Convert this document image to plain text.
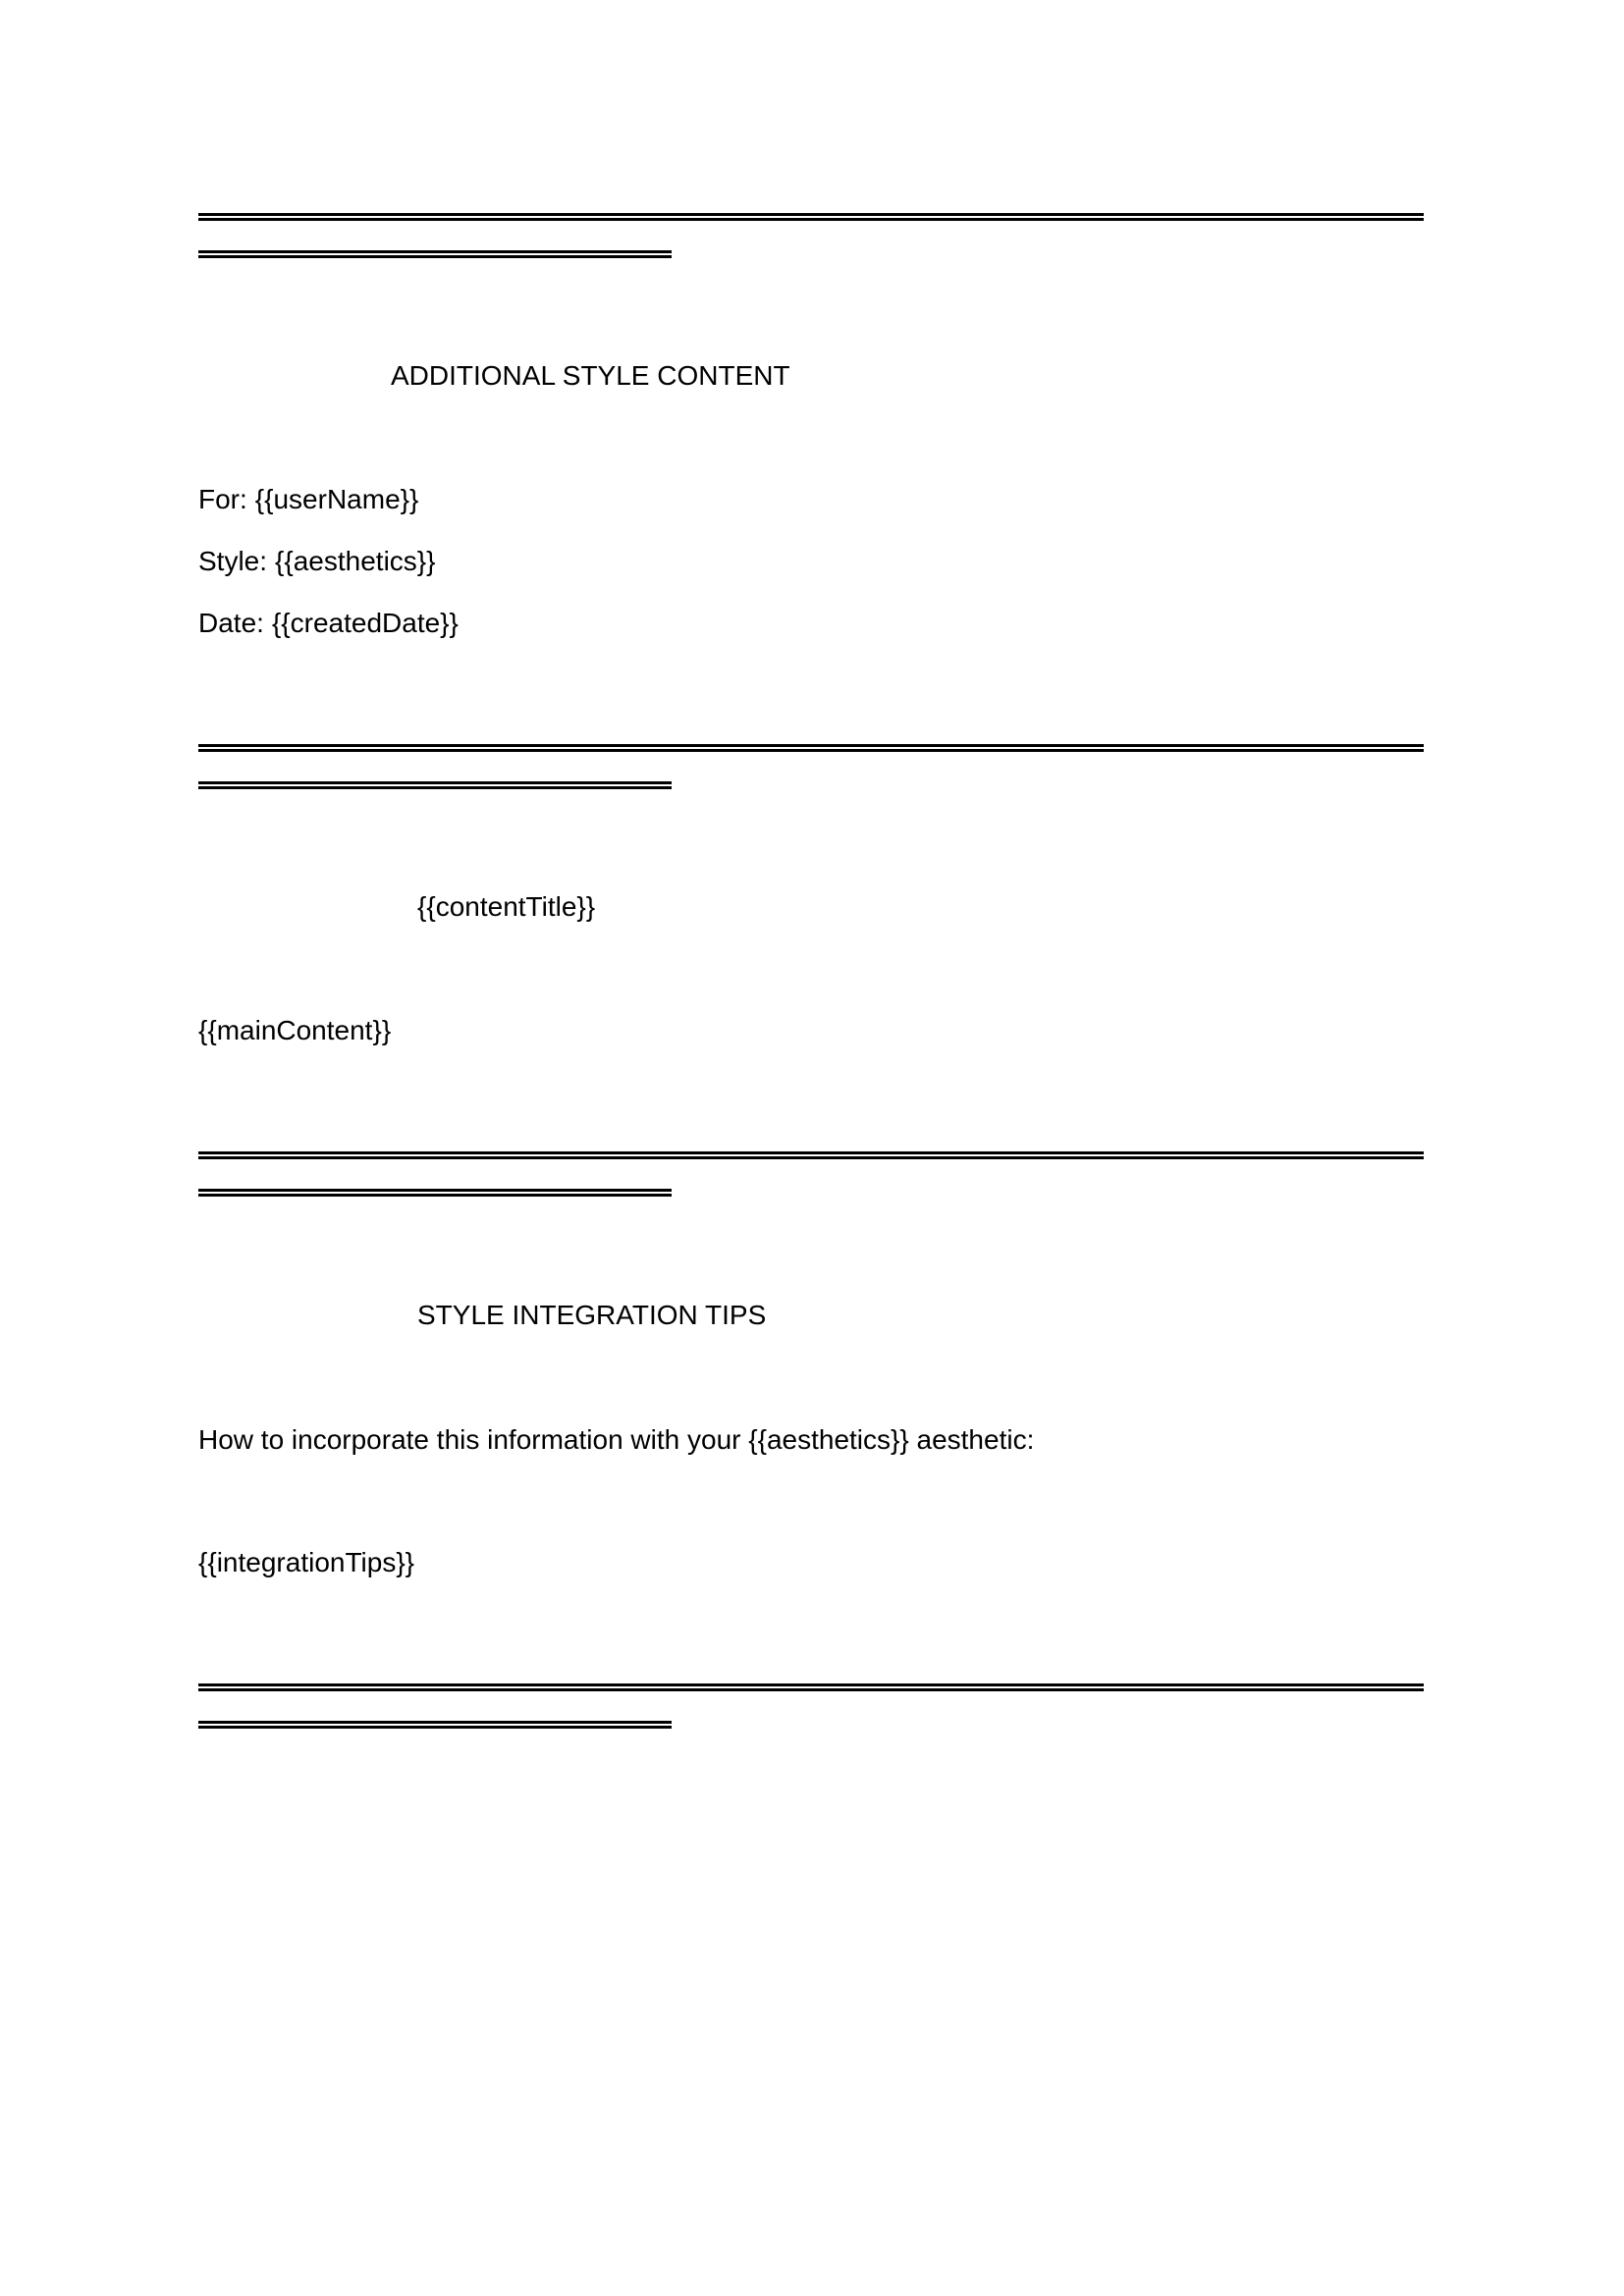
ADDITIONAL STYLE CONTENT
For: {{userName}}
Style: {{aesthetics}}
Date: {{createdDate}}
{{contentTitle}}
{{mainContent}}
STYLE INTEGRATION TIPS
How to incorporate this information with your {{aesthetics}} aesthetic:
{{integrationTips}}
